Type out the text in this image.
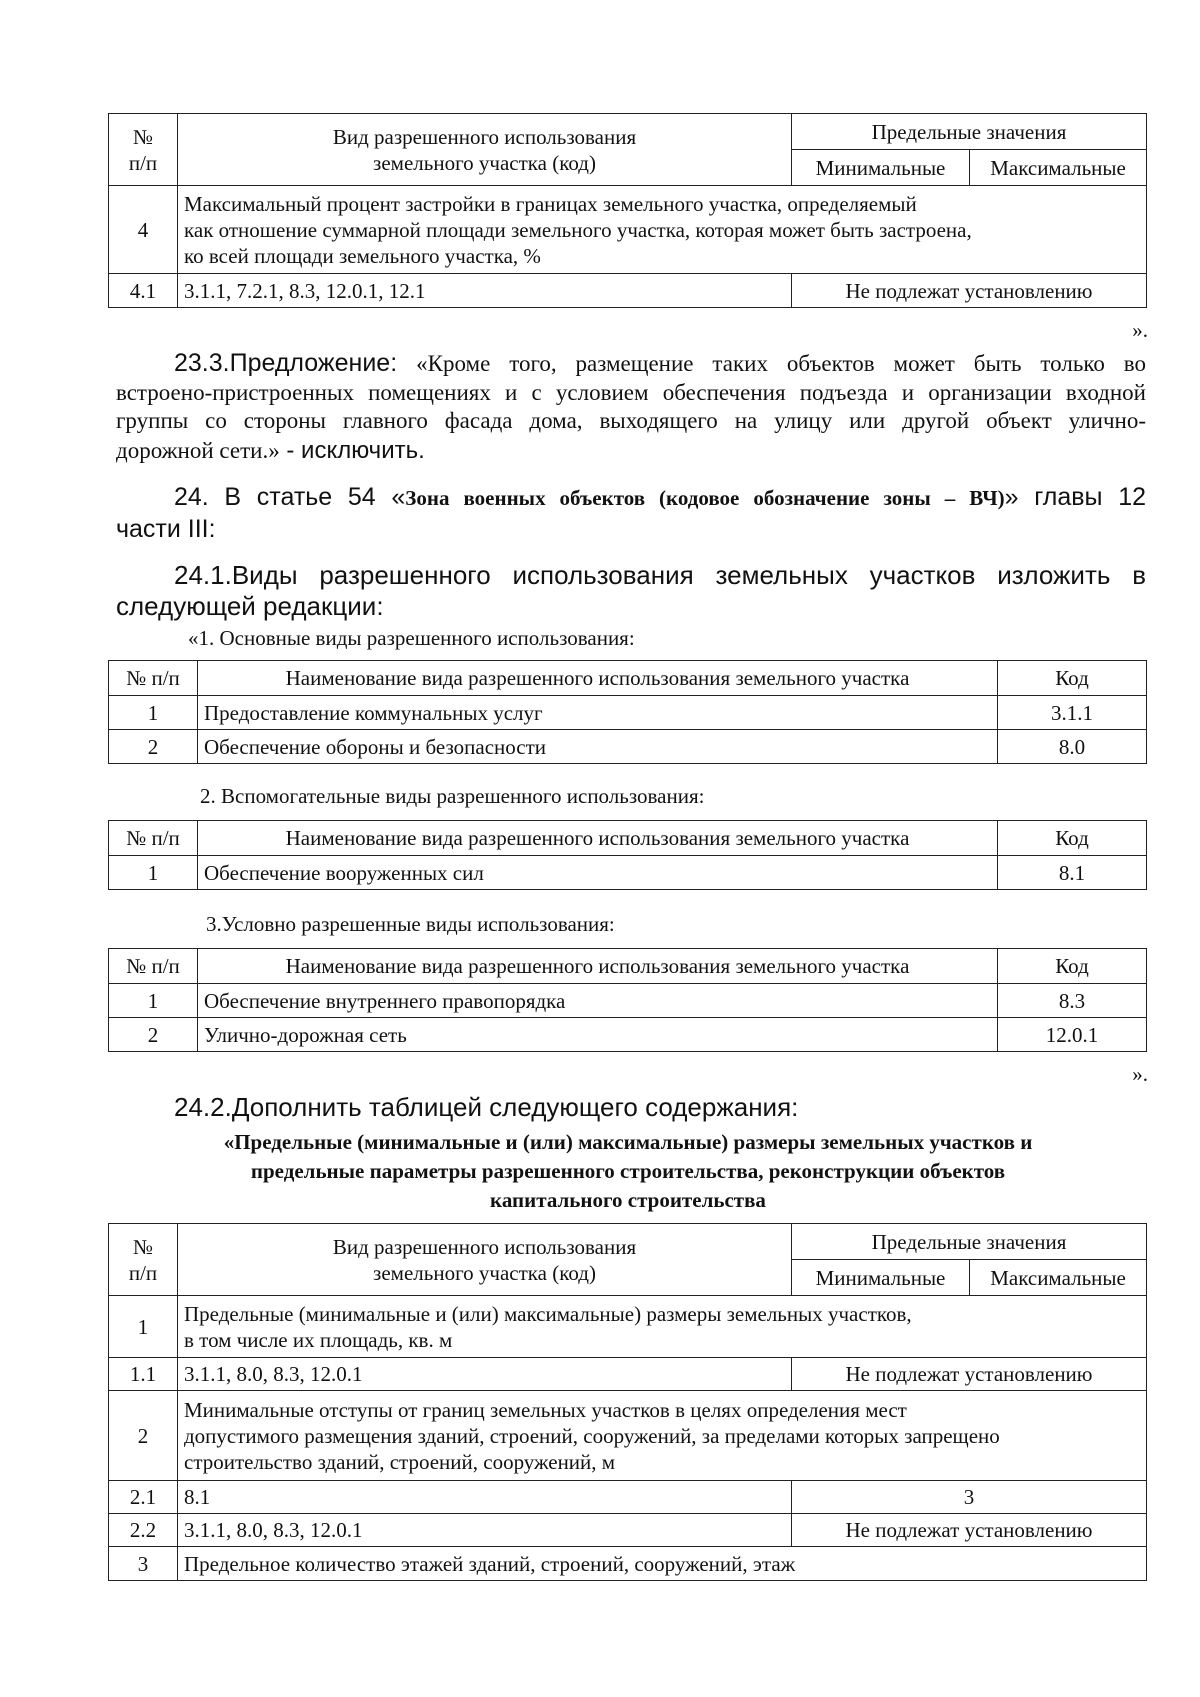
№
п/п	Вид разрешенного использования
земельного участка (код)	Предельные значения	
		Минимальные	Максимальные
4	Максимальный процент застройки в границах земельного участка, определяемый
как отношение суммарной площади земельного участка, которая может быть застроена,
ко всей площади земельного участка, %		

4.1	3.1.1, 7.2.1, 8.3, 12.0.1, 12.1	Не подлежат установлению	
».
23.3.Предложение: «Кроме того, размещение таких объектов может быть только во
встроено-пристроенных помещениях и с условием обеспечения подъезда и организации входной
группы со стороны главного фасада дома, выходящего на улицу или другой объект улично-
дорожной сети.» - исключить.
24. В статье 54 «Зона военных объектов (кодовое обозначение зоны – ВЧ)» главы 12
части III:
24.1.Виды разрешенного использования земельных участков изложить в
следующей редакции:
«1. Основные виды разрешенного использования:
№ п/п	Наименование вида разрешенного использования земельного участка	Код
1	Предоставление коммунальных услуг	3.1.1
2	Обеспечение обороны и безопасности	8.0
2. Вспомогательные виды разрешенного использования:
№ п/п	Наименование вида разрешенного использования земельного участка	Код
1	Обеспечение вооруженных сил	8.1
3.Условно разрешенные виды использования:
№ п/п	Наименование вида разрешенного использования земельного участка	Код
1	Обеспечение внутреннего правопорядка	8.3
2	Улично-дорожная сеть	12.0.1
».
24.2.Дополнить таблицей следующего содержания:
«Предельные (минимальные и (или) максимальные) размеры земельных участков и
предельные параметры разрешенного строительства, реконструкции объектов
капитального строительства
№
п/п	Вид разрешенного использования
земельного участка (код)	Предельные значения	
		Минимальные	Максимальные
1	Предельные (минимальные и (или) максимальные) размеры земельных участков,
в том числе их площадь, кв. м		

1.1	3.1.1, 8.0, 8.3, 12.0.1	Не подлежат установлению	
2	Минимальные отступы от границ земельных участков в целях определения мест
допустимого размещения зданий, строений, сооружений, за пределами которых запрещено
строительство зданий, строений, сооружений, м		

2.1	8.1	3	
2.2	3.1.1, 8.0, 8.3, 12.0.1	Не подлежат установлению	
3	Предельное количество этажей зданий, строений, сооружений, этаж		
